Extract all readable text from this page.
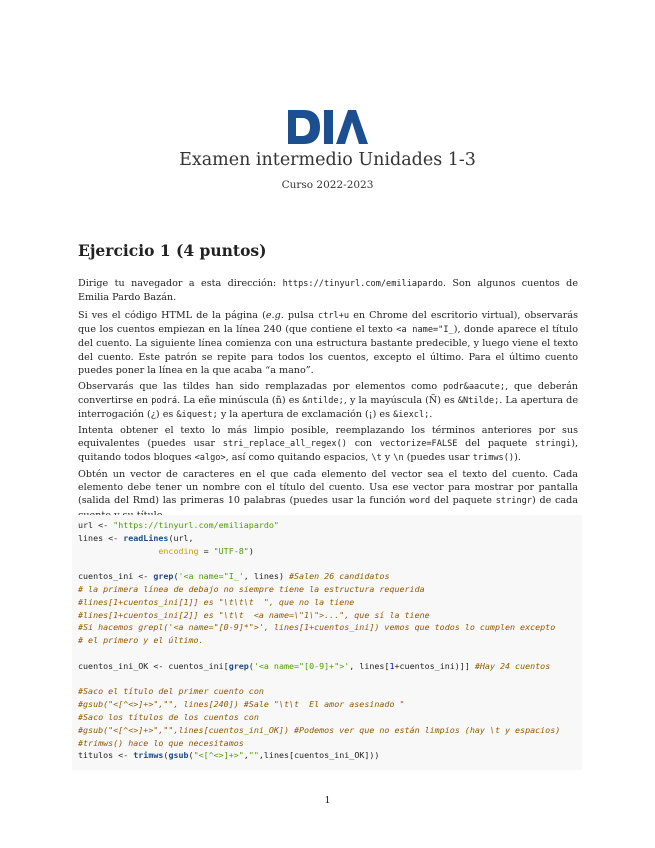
Examen intermedio Unidades 1-3
Curso 2022-2023
Ejercicio 1 (4 puntos)

Dirige tu navegador a esta dirección: https://tinyurl.com/emiliapardo. Son algunos cuentos de Emilia Pardo Bazán.

Si ves el código HTML de la página (e.g. pulsa ctrl+u en Chrome del escritorio virtual), observarás que los cuentos empiezan en la línea 240 (que contiene el texto <a name="I_), donde aparece el título del cuento. La siguiente línea comienza con una estructura bastante predecible, y luego viene el texto del cuento. Este patrón se repite para todos los cuentos, excepto el último. Para el último cuento puedes poner la línea en la que acaba “a mano”.

Observarás que las tildes han sido remplazadas por elementos como podr&aacute;, que deberán convertirse en podrá. La eñe minúscula (ñ) es &ntilde;, y la mayúscula (Ñ) es &Ntilde;. La apertura de interrogación (¿) es &iquest; y la apertura de exclamación (¡) es &iexcl;.

Intenta obtener el texto lo más limpio posible, reemplazando los términos anteriores por sus equivalentes (puedes usar stri_replace_all_regex() con vectorize=FALSE del paquete stringi), quitando todos bloques <algo>, así como quitando espacios, \t y \n (puedes usar trimws()).

Obtén un vector de caracteres en el que cada elemento del vector sea el texto del cuento. Cada elemento debe tener un nombre con el título del cuento. Usa ese vector para mostrar por pantalla (salida del Rmd) las primeras 10 palabras (puedes usar la función word del paquete stringr) de cada

url <- "https://tinyurl.com/emiliapardo"
lines <- readLines(url,
encoding = "UTF-8")

cuentos_ini <- grep('<a name="I_', lines) #Salen 26 candidatos
# la primera línea de debajo no siempre tiene la estructura requerida
#lines[1+cuentos_ini[1]] es "\t\t\t  ", que no la tiene
#lines[1+cuentos_ini[2]] es "\t\t  <a name=\"1\">...", que sí la tiene
#Si hacemos grepl('<a name="[0-9]*">', lines[1+cuentos_ini]) vemos que todos lo cumplen excepto
# el primero y el último.

cuentos_ini_OK <- cuentos_ini[grep('<a name="[0-9]+">', lines[1+cuentos_ini)]] #Hay 24 cuentos

#Saco el título del primer cuento con
#gsub("<[^<>]+>","", lines[240]) #Sale "\t\t  El amor asesinado "
#Saco los títulos de los cuentos con
#gsub("<[^<>]+>","",lines[cuentos_ini_OK]) #Podemos ver que no están limpios (hay \t y espacios)
#trimws() hace lo que necesitamos
titulos <- trimws(gsub("<[^<>]+>","",lines[cuentos_ini_OK]))
1
